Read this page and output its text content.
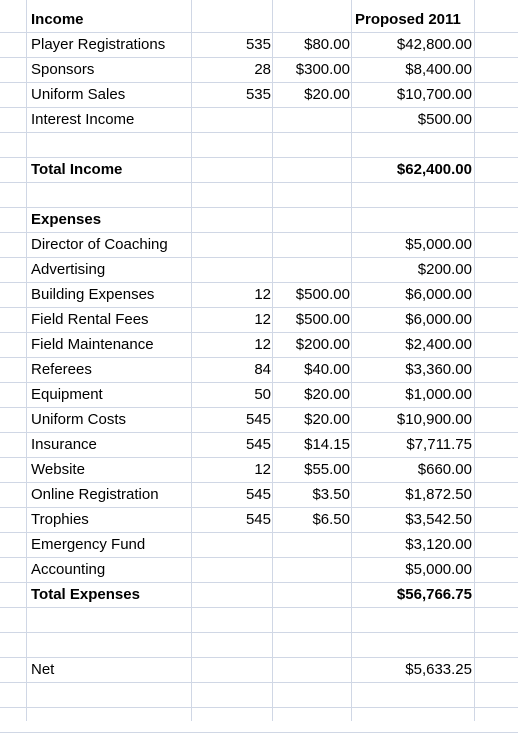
Income	Proposed 2011
Player Registrations	535 $80.00	$42,800.00
Sponsors	28 $300.00	$8,400.00
Uniform Sales	535 $20.00	$10,700.00
Interest Income	$500.00
Total Income	$62,400.00
Expenses
Director of Coaching	$5,000.00
Advertising	$200.00
Building Expenses	12 $500.00	$6,000.00
Field Rental Fees	12 $500.00	$6,000.00
Field Maintenance	12 $200.00	$2,400.00
Referees	84 $40.00	$3,360.00
Equipment	50 $20.00	$1,000.00
Uniform Costs	545 $20.00	$10,900.00
Insurance	545 $14.15	$7,711.75
Website	12 $55.00	$660.00
Online Registration	545	$3.50	$1,872.50
Trophies	545	$6.50	$3,542.50
Emergency Fund	$3,120.00
Accounting	$5,000.00
Total Expenses	$56,766.75
Net	$5,633.25
